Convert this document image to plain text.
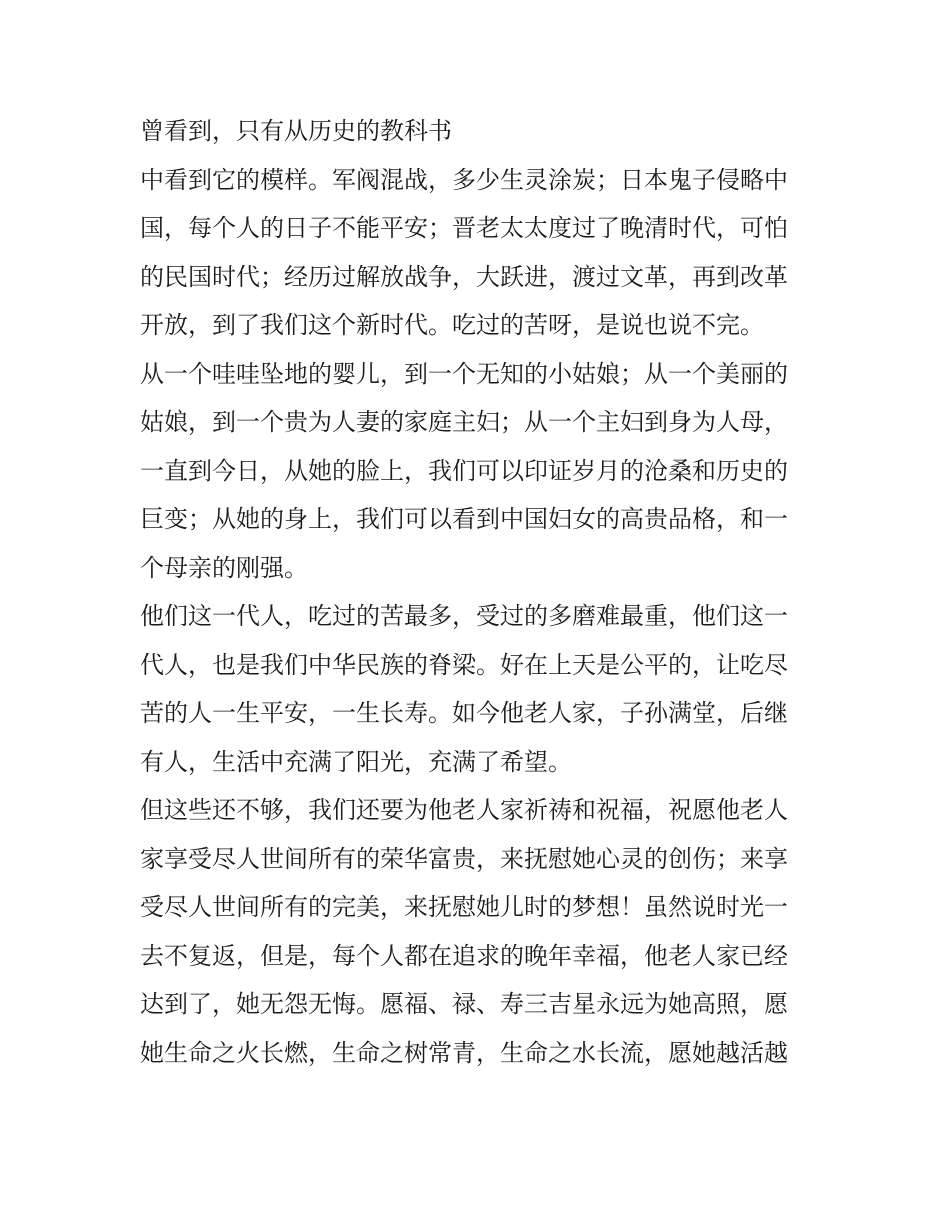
曾看到，只有从历史的教科书
中看到它的模样。军阀混战，多少生灵涂炭；日本鬼子侵略中
国，每个人的日子不能平安；晋老太太度过了晚清时代，可怕
的民国时代；经历过解放战争，大跃进，渡过文革，再到改革
开放，到了我们这个新时代。吃过的苦呀，是说也说不完。
从一个哇哇坠地的婴儿，到一个无知的小姑娘；从一个美丽的
姑娘，到一个贵为人妻的家庭主妇；从一个主妇到身为人母，
一直到今日，从她的脸上，我们可以印证岁月的沧桑和历史的
巨变；从她的身上，我们可以看到中国妇女的高贵品格，和一
个母亲的刚强。
他们这一代人，吃过的苦最多，受过的多磨难最重，他们这一
代人，也是我们中华民族的脊梁。好在上天是公平的，让吃尽
苦的人一生平安，一生长寿。如今他老人家，子孙满堂，后继
有人，生活中充满了阳光，充满了希望。
但这些还不够，我们还要为他老人家祈祷和祝福，祝愿他老人
家享受尽人世间所有的荣华富贵，来抚慰她心灵的创伤；来享
受尽人世间所有的完美，来抚慰她儿时的梦想！虽然说时光一
去不复返，但是，每个人都在追求的晚年幸福，他老人家已经
达到了，她无怨无悔。愿福、禄、寿三吉星永远为她高照，愿
她生命之火长燃，生命之树常青，生命之水长流，愿她越活越
